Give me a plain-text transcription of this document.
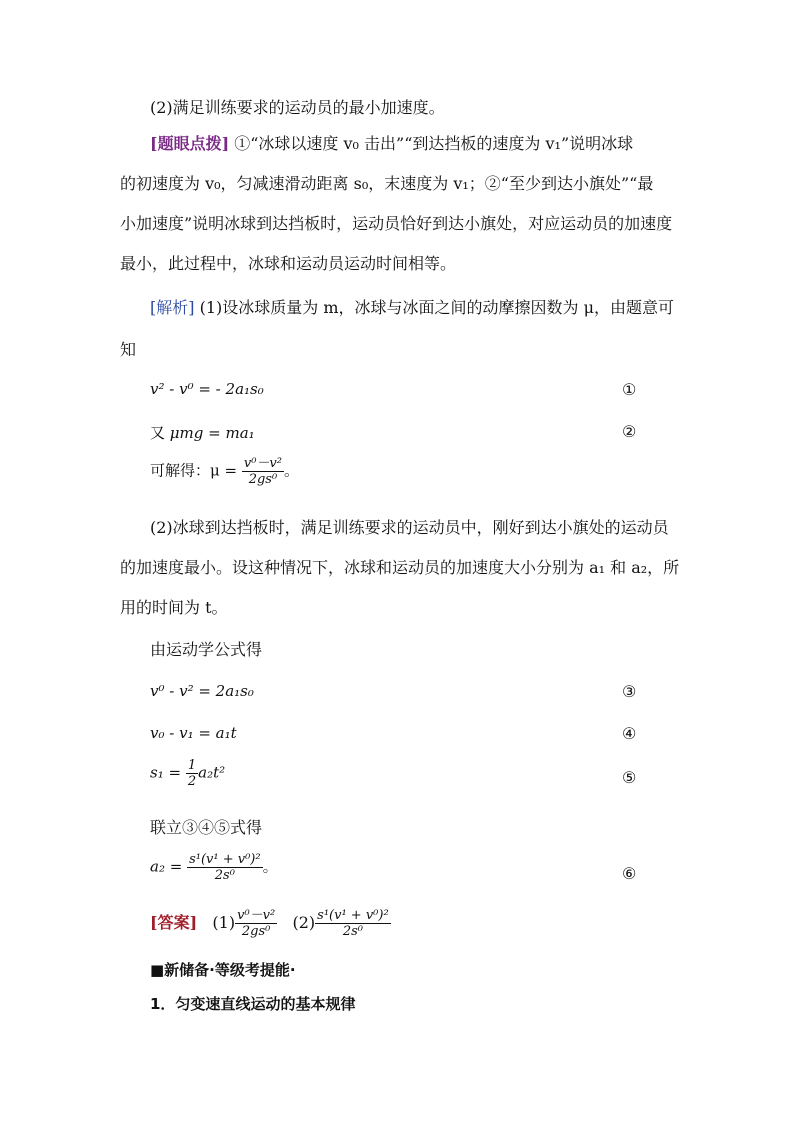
(2)满足训练要求的运动员的最小加速度。
[题眼点拨] ①“冰球以速度 v₀ 击出”“到达挡板的速度为 v₁”说明冰球
的初速度为 v₀，匀减速滑动距离 s₀，末速度为 v₁；②“至少到达小旗处”“最
小加速度”说明冰球到达挡板时，运动员恰好到达小旗处，对应运动员的加速度
最小，此过程中，冰球和运动员运动时间相等。
[解析] (1)设冰球质量为 m，冰球与冰面之间的动摩擦因数为 μ，由题意可
知
v² - v⁰ = - 2a₁s₀	①
又 μmg = ma₁	②
可解得：$\mu = \frac{\text{v⁰－v²}}{\text{2gs⁰}}$ 。
(2)冰球到达挡板时，满足训练要求的运动员中，刚好到达小旗处的运动员
的加速度最小。设这种情况下，冰球和运动员的加速度大小分别为 a₁ 和 a₂，所
用的时间为 t。
由运动学公式得
v⁰ - v² = 2a₁s₀	③
v₀ - v₁ = a₁t	④
$s_1 = \frac{1}{2} a_2t^2$	⑤
联立③④⑤式得
$a_2 = \frac{\text{s¹(v¹ + v⁰)²}}{\text{2s⁰}}$ 。	⑥
[答案] $(1) \frac{\text{v⁰－v²}}{\text{2gs⁰}} (2) \frac{\text{s¹(v¹ + v⁰)²}}{\text{2s⁰}}$
■新储备·等级考提能·
1．匀变速直线运动的基本规律
